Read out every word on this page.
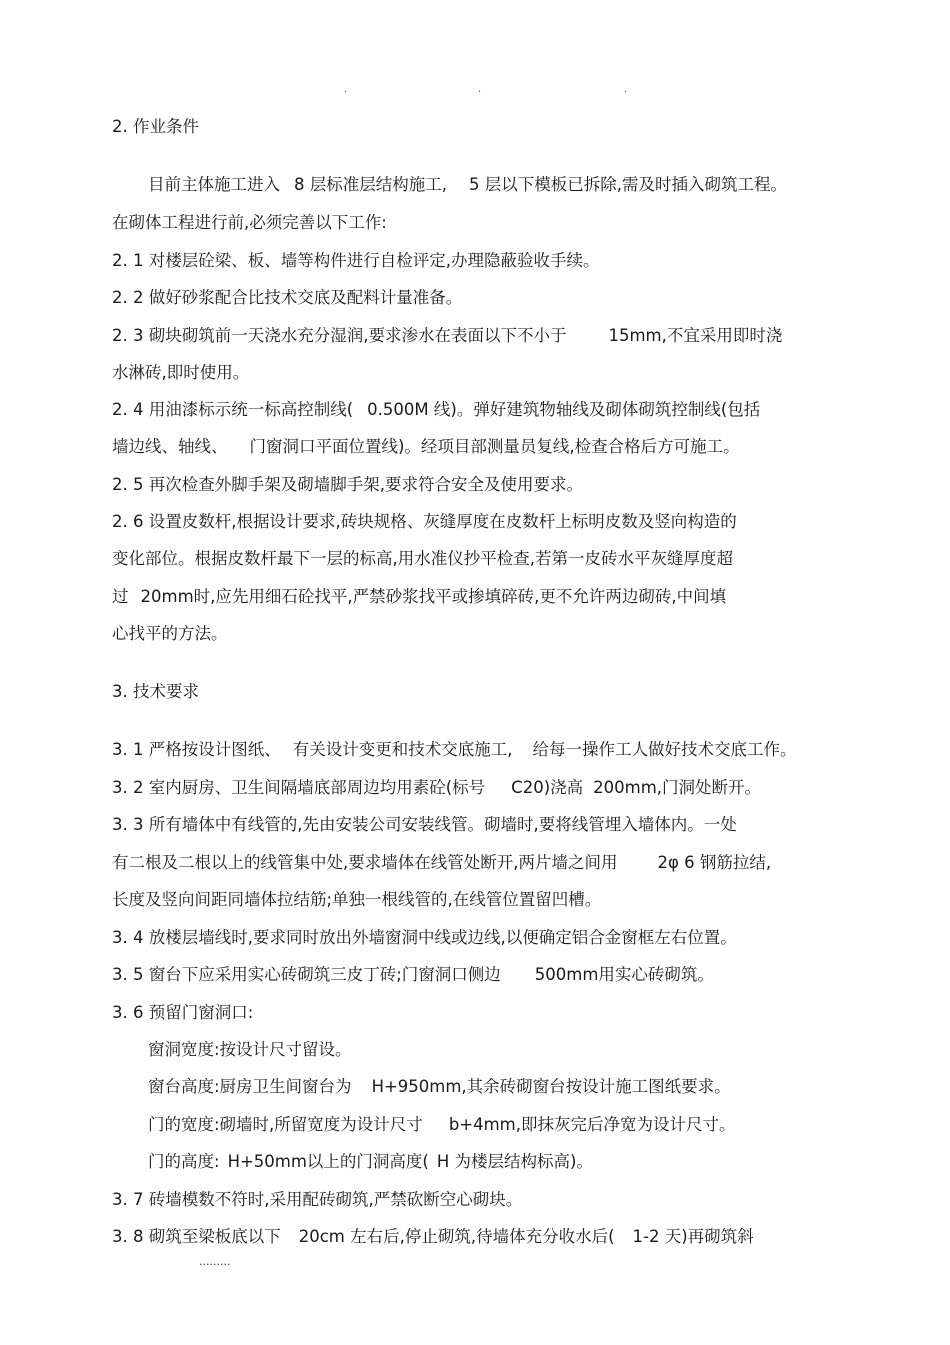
.	.	.
2. 作业条件
目前主体施工进入 8 层标准层结构施工, 5 层以下模板已拆除,需及时插入砌筑工程。
在砌体工程进行前,必须完善以下工作:
2. 1 对楼层砼梁、板、墙等构件进行自检评定,办理隐蔽验收手续。
2. 2 做好砂浆配合比技术交底及配料计量准备。
2. 3 砌块砌筑前一天浇水充分湿润,要求渗水在表面以下不小于	15mm,不宜采用即时浇
水淋砖,即时使用。
2. 4 用油漆标示统一标高控制线( 0.500M 线)。弹好建筑物轴线及砌体砌筑控制线(包括
墙边线、轴线、 门窗洞口平面位置线)。经项目部测量员复线,检查合格后方可施工。
2. 5 再次检查外脚手架及砌墙脚手架,要求符合安全及使用要求。
2. 6 设置皮数杆,根据设计要求,砖块规格、灰缝厚度在皮数杆上标明皮数及竖向构造的
变化部位。根据皮数杆最下一层的标高,用水准仪抄平检查,若第一皮砖水平灰缝厚度超
过 20mm时,应先用细石砼找平,严禁砂浆找平或掺填碎砖,更不允许两边砌砖,中间填
心找平的方法。
3. 技术要求
3. 1 严格按设计图纸、 有关设计变更和技术交底施工, 给每一操作工人做好技术交底工作。
3. 2 室内厨房、卫生间隔墙底部周边均用素砼(标号 C20)浇高 200mm,门洞处断开。
3. 3 所有墙体中有线管的,先由安装公司安装线管。砌墙时,要将线管埋入墙体内。一处
有二根及二根以上的线管集中处,要求墙体在线管处断开,两片墙之间用 2φ 6 钢筋拉结,
长度及竖向间距同墙体拉结筋;单独一根线管的,在线管位置留凹槽。
3. 4 放楼层墙线时,要求同时放出外墙窗洞中线或边线,以便确定铝合金窗框左右位置。
3. 5 窗台下应采用实心砖砌筑三皮丁砖;门窗洞口侧边 500mm用实心砖砌筑。
3. 6 预留门窗洞口:
窗洞宽度:按设计尺寸留设。
窗台高度:厨房卫生间窗台为 H+950mm,其余砖砌窗台按设计施工图纸要求。
门的宽度:砌墙时,所留宽度为设计尺寸 b+4mm,即抹灰完后净宽为设计尺寸。
门的高度: H+50mm以上的门洞高度( H 为楼层结构标高)。
3. 7 砖墙模数不符时,采用配砖砌筑,严禁砍断空心砌块。
3. 8 砌筑至梁板底以下 20cm 左右后,停止砌筑,待墙体充分收水后( 1-2 天)再砌筑斜
.........
